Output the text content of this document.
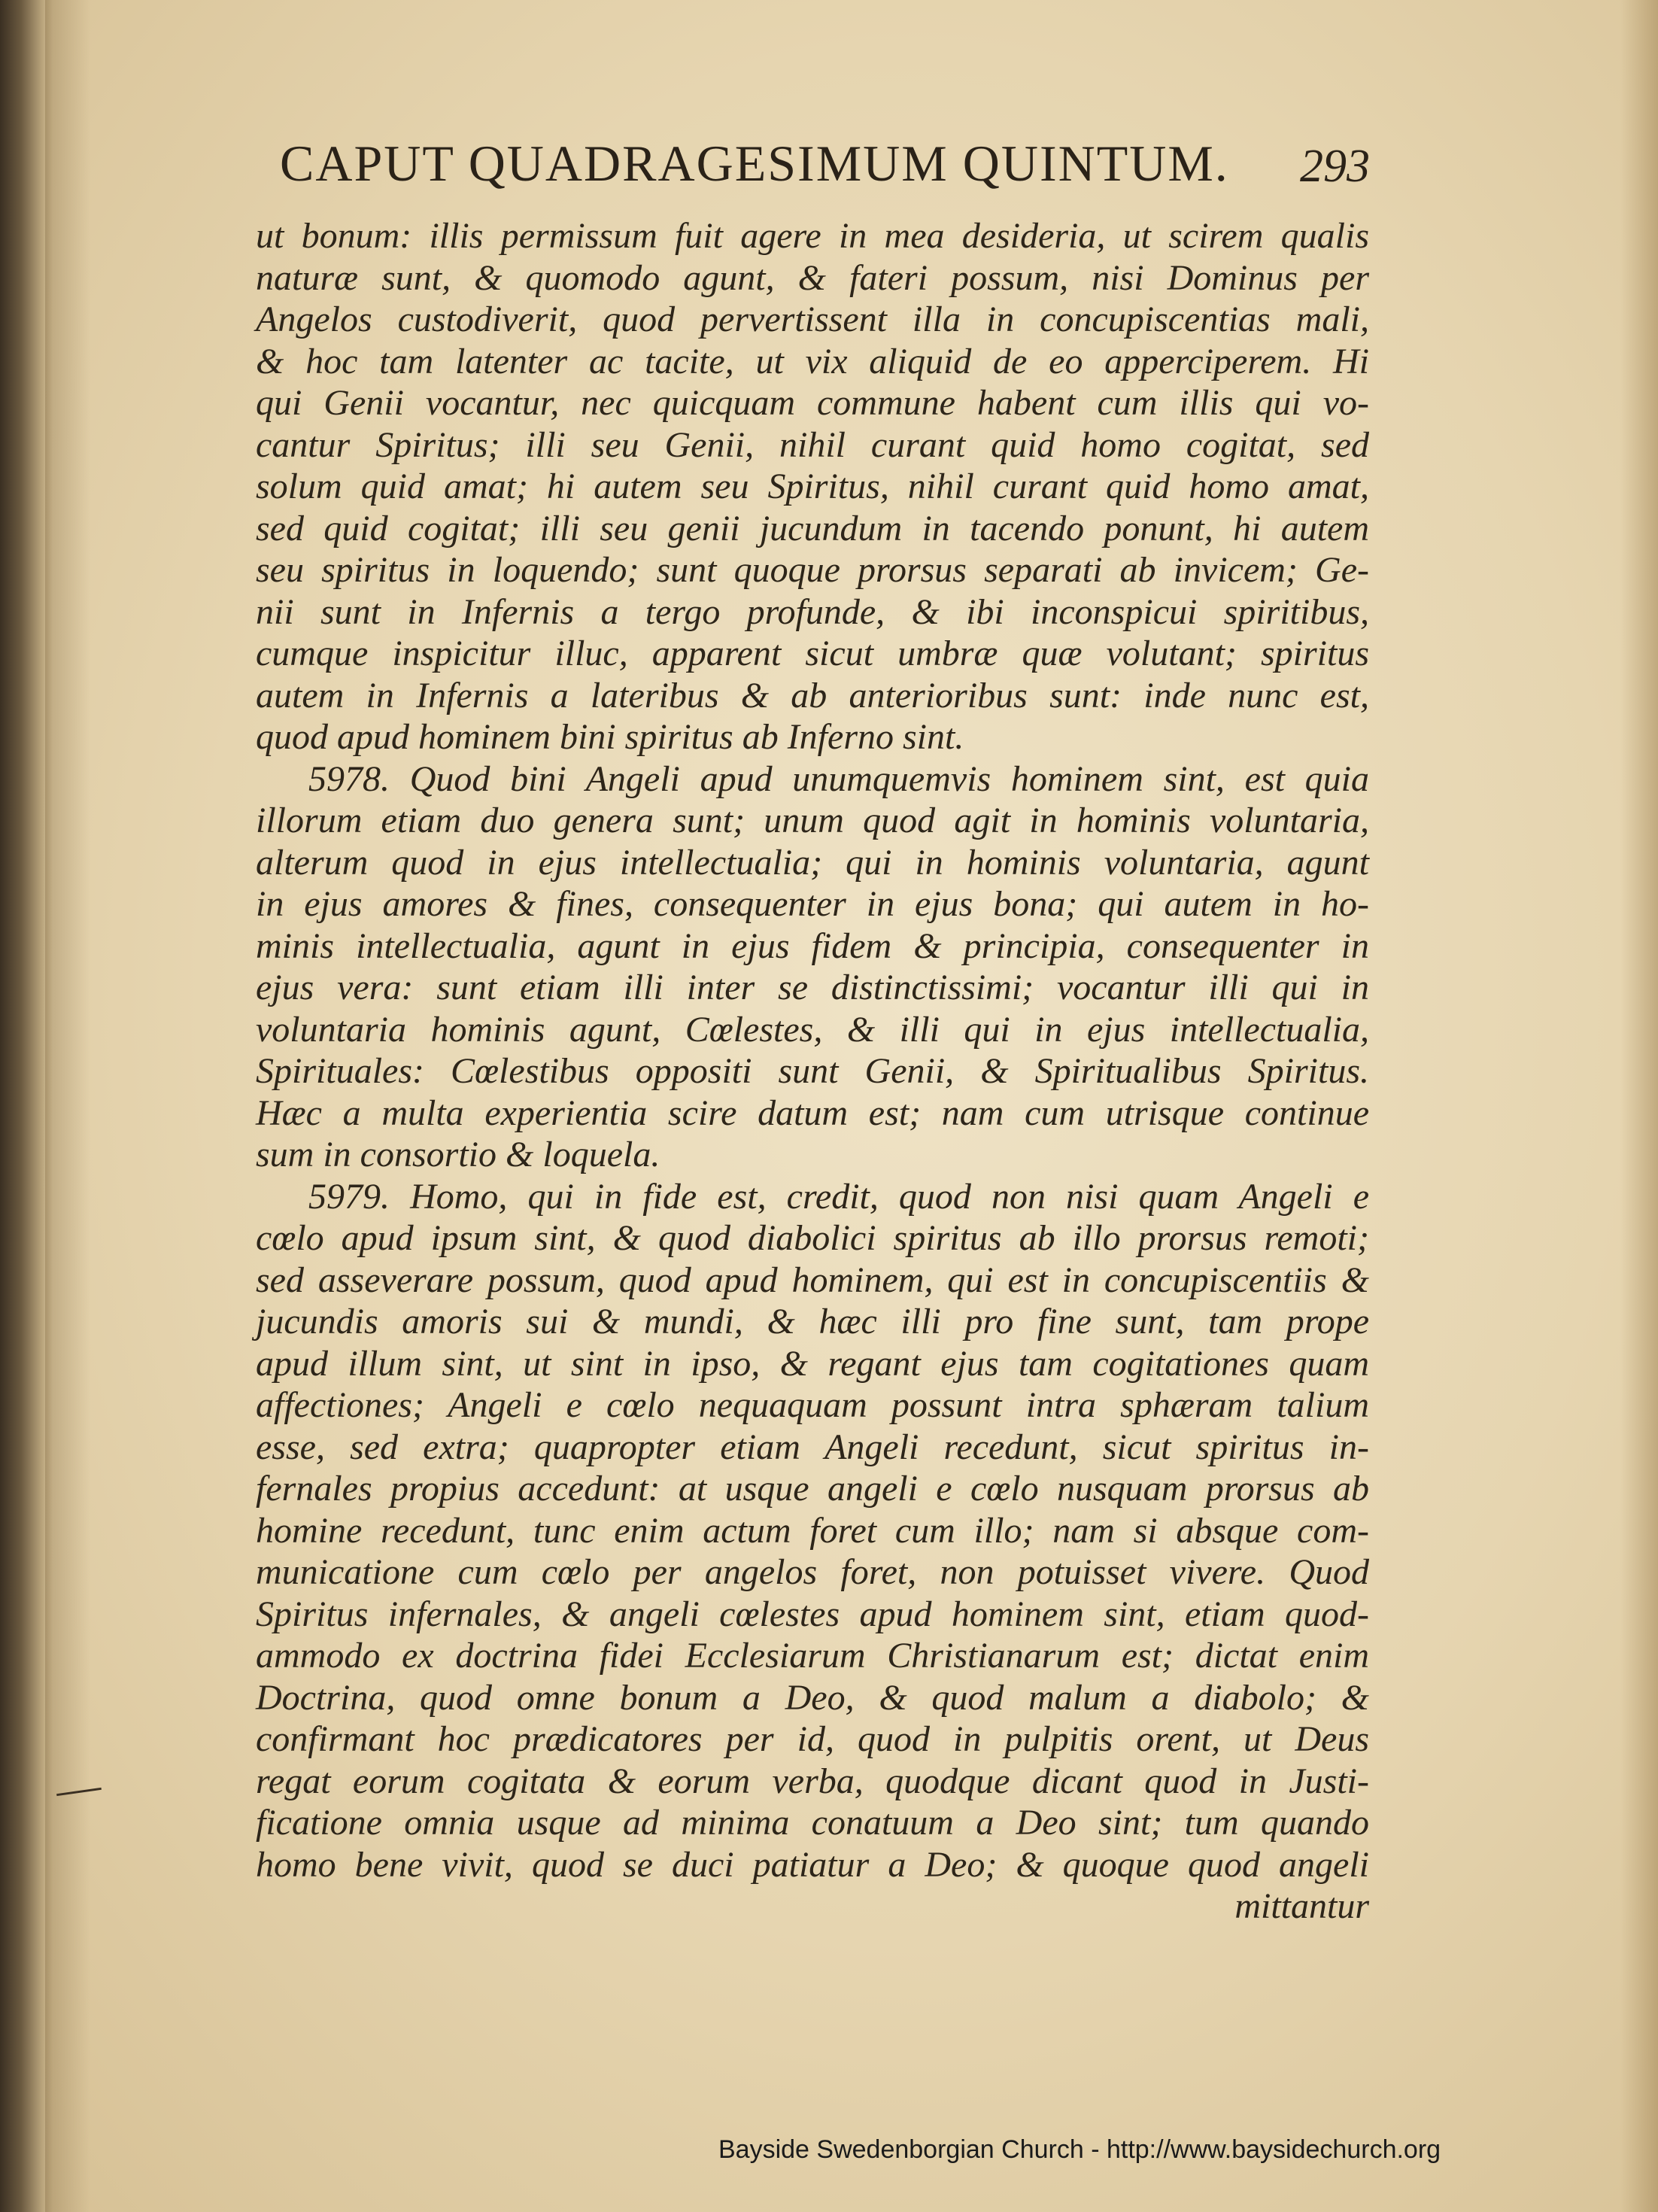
CAPUT QUADRAGESIMUM QUINTUM.	293
ut bonum: illis permissum fuit agere in mea desideria, ut scirem qualis
naturæ sunt, & quomodo agunt, & fateri possum, nisi Dominus per
Angelos custodiverit, quod pervertissent illa in concupiscentias mali,
& hoc tam latenter ac tacite, ut vix aliquid de eo apperciperem. Hi
qui Genii vocantur, nec quicquam commune habent cum illis qui vo-
cantur Spiritus; illi seu Genii, nihil curant quid homo cogitat, sed
solum quid amat; hi autem seu Spiritus, nihil curant quid homo amat,
sed quid cogitat; illi seu genii jucundum in tacendo ponunt, hi autem
seu spiritus in loquendo; sunt quoque prorsus separati ab invicem; Ge-
nii sunt in Infernis a tergo profunde, & ibi inconspicui spiritibus,
cumque inspicitur illuc, apparent sicut umbræ quæ volutant; spiritus
autem in Infernis a lateribus & ab anterioribus sunt: inde nunc est,
quod apud hominem bini spiritus ab Inferno sint.
5978. Quod bini Angeli apud unumquemvis hominem sint, est quia
illorum etiam duo genera sunt; unum quod agit in hominis voluntaria,
alterum quod in ejus intellectualia; qui in hominis voluntaria, agunt
in ejus amores & fines, consequenter in ejus bona; qui autem in ho-
minis intellectualia, agunt in ejus fidem & principia, consequenter in
ejus vera: sunt etiam illi inter se distinctissimi; vocantur illi qui in
voluntaria hominis agunt, Cœlestes, & illi qui in ejus intellectualia,
Spirituales: Cœlestibus oppositi sunt Genii, & Spiritualibus Spiritus.
Hæc a multa experientia scire datum est; nam cum utrisque continue
sum in consortio & loquela.
5979. Homo, qui in fide est, credit, quod non nisi quam Angeli e
cœlo apud ipsum sint, & quod diabolici spiritus ab illo prorsus remoti;
sed asseverare possum, quod apud hominem, qui est in concupiscentiis &
jucundis amoris sui & mundi, & hæc illi pro fine sunt, tam prope
apud illum sint, ut sint in ipso, & regant ejus tam cogitationes quam
affectiones; Angeli e cœlo nequaquam possunt intra sphæram talium
esse, sed extra; quapropter etiam Angeli recedunt, sicut spiritus in-
fernales propius accedunt: at usque angeli e cœlo nusquam prorsus ab
homine recedunt, tunc enim actum foret cum illo; nam si absque com-
municatione cum cœlo per angelos foret, non potuisset vivere. Quod
Spiritus infernales, & angeli cœlestes apud hominem sint, etiam quod-
ammodo ex doctrina fidei Ecclesiarum Christianarum est; dictat enim
Doctrina, quod omne bonum a Deo, & quod malum a diabolo; &
confirmant hoc prædicatores per id, quod in pulpitis orent, ut Deus
regat eorum cogitata & eorum verba, quodque dicant quod in Justi-
ficatione omnia usque ad minima conatuum a Deo sint; tum quando
homo bene vivit, quod se duci patiatur a Deo; & quoque quod angeli
mittantur
Bayside Swedenborgian Church - http://www.baysidechurch.org
